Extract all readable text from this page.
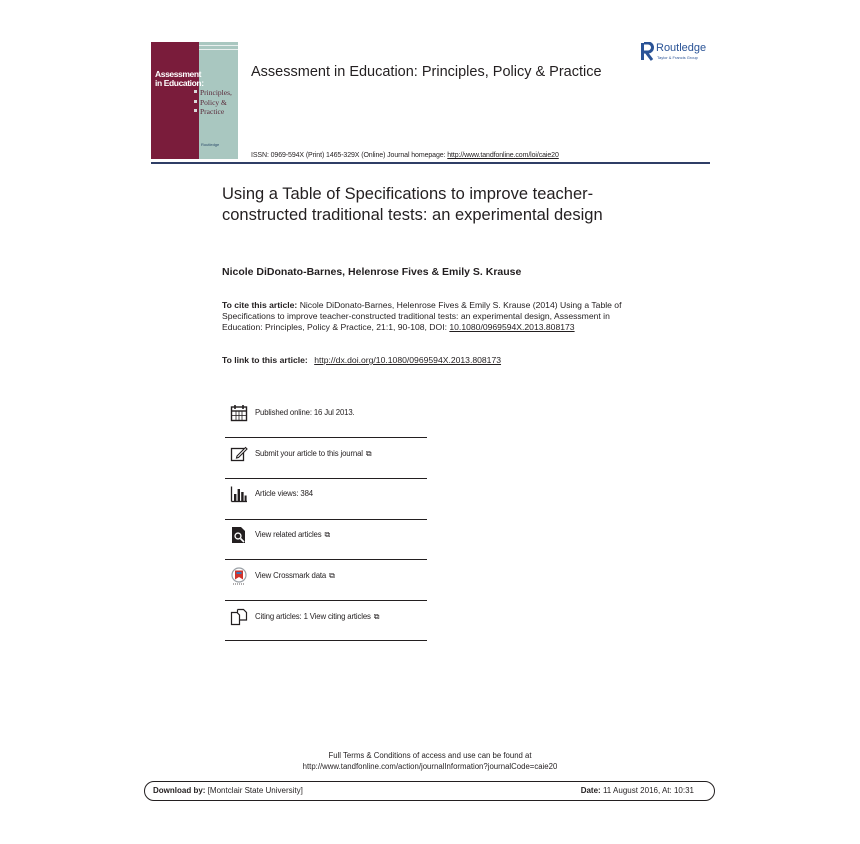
Assessment in Education:
Principles, Policy & Practice
Routledge
Assessment in Education: Principles, Policy & Practice
ISSN: 0969-594X (Print) 1465-329X (Online) Journal homepage: http://www.tandfonline.com/loi/caie20
Routledge
Taylor & Francis Group
Using a Table of Specifications to improve teacher-constructed traditional tests: an experimental design
Nicole DiDonato-Barnes, Helenrose Fives & Emily S. Krause
To cite this article: Nicole DiDonato-Barnes, Helenrose Fives & Emily S. Krause (2014) Using a Table of Specifications to improve teacher-constructed traditional tests: an experimental design, Assessment in Education: Principles, Policy & Practice, 21:1, 90-108, DOI: 10.1080/0969594X.2013.808173
To link to this article: http://dx.doi.org/10.1080/0969594X.2013.808173
Published online: 16 Jul 2013.
Submit your article to this journal ⧉
Article views: 384
View related articles ⧉
View Crossmark data ⧉
Citing articles: 1 View citing articles ⧉
Full Terms & Conditions of access and use can be found at
http://www.tandfonline.com/action/journalInformation?journalCode=caie20
Download by: [Montclair State University]	Date: 11 August 2016, At: 10:31
